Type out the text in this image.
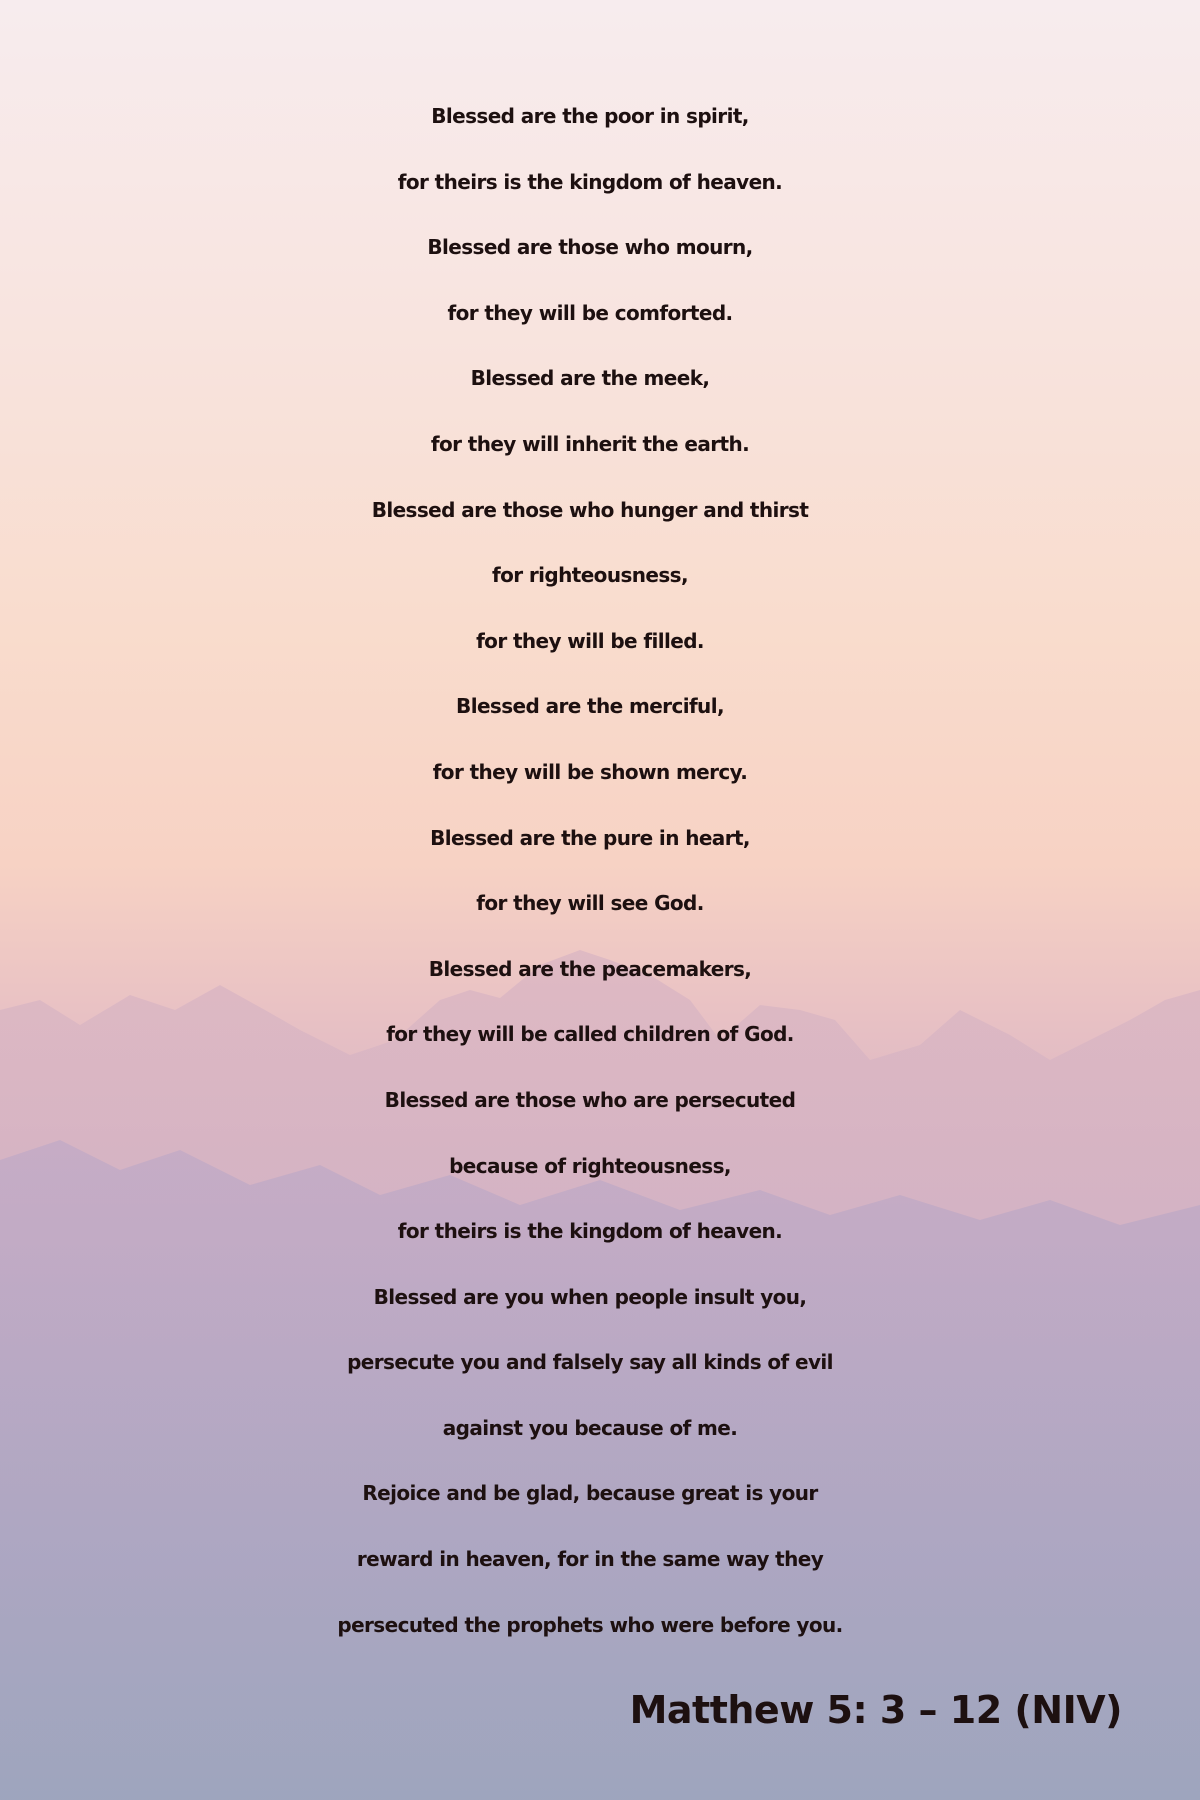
Blessed are the poor in spirit,
for theirs is the kingdom of heaven.
Blessed are those who mourn,
for they will be comforted.
Blessed are the meek,
for they will inherit the earth.
Blessed are those who hunger and thirst
for righteousness,
for they will be filled.
Blessed are the merciful,
for they will be shown mercy.
Blessed are the pure in heart,
for they will see God.
Blessed are the peacemakers,
for they will be called children of God.
Blessed are those who are persecuted
because of righteousness,
for theirs is the kingdom of heaven.
Blessed are you when people insult you,
persecute you and falsely say all kinds of evil
against you because of me.
Rejoice and be glad, because great is your
reward in heaven, for in the same way they
persecuted the prophets who were before you.
Matthew 5: 3 – 12 (NIV)
